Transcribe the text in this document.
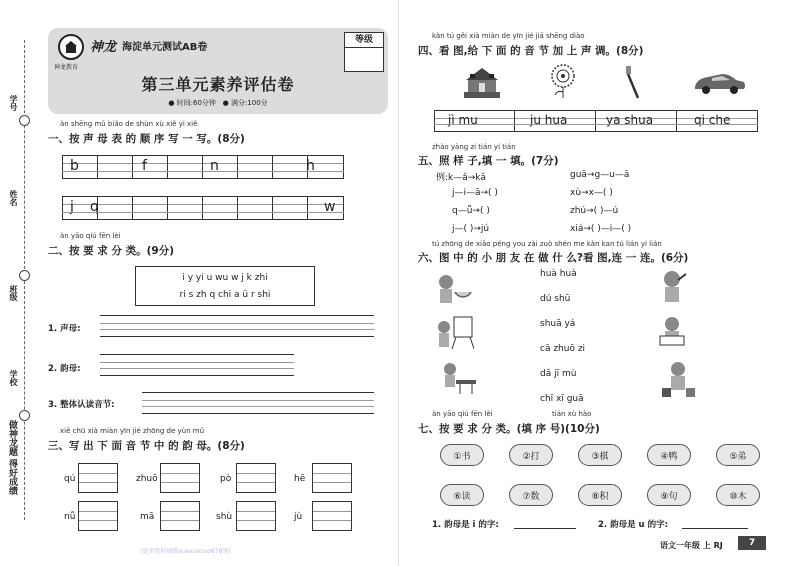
学号
姓名
班级
学校
做神龙题 得好成绩
神龙教育
神龙 海淀单元测试AB卷
第三单元素养评估卷
● 时间:60分钟 ● 满分:100分
等级
àn shēng mǔ biǎo de shùn xù xiě yi xiě
一、按 声 母 表 的 顺 序 写 一 写。(8分)
b	f	n	h
j q	w
àn yāo qiú fēn lèi
二、按 要 求 分 类。(9分)
i y yi u wu w j k zhi
ri s zh q chi a ü r shi
1. 声母:
2. 韵母:
3. 整体认读音节:
xiě chū xià miàn yīn jié zhōng de yùn mǔ
三、写 出 下 面 音 节 中 的 韵 母。(8分)
qú	zhuō	pò	hē
nǚ	mā	shù	jù
(更多资料加微xuexuezuo678领)
kàn tú gěi xià miàn de yīn jié jiā shēng diào
四、看 图,给 下 面 的 音 节 加 上 声 调。(8分)
jì mu	ju hua	ya shua	qi che
zhào yàng zi tián yi tián
五、照 样 子,填 一 填。(7分)
例:k—ǎ→kǎ
j—i—ā→( )
q—ǖ→( )
j—( )→jú
guā→g—u—ā
xù→x—( )
zhú→( )—ú
xiá→( )—i—( )
tú zhōng de xiǎo péng you zài zuò shén me kàn kan tú lián yi lián
六、图 中 的 小 朋 友 在 做 什 么?看 图,连 一 连。(6分)
huà huà
dú shū
shuā yá
cā zhuō zi
dǎ jī mù
chī xī guā
àn yāo qiú fēn lèi	tián xù hào
七、按 要 求 分 类。(填 序 号)(10分)
①书	②打	③棋	④鸭	⑤弟
⑥读	⑦数	⑧积	⑨句	⑩木
1. 韵母是 i 的字:	2. 韵母是 u 的字:
语文一年级 上 RJ	7
